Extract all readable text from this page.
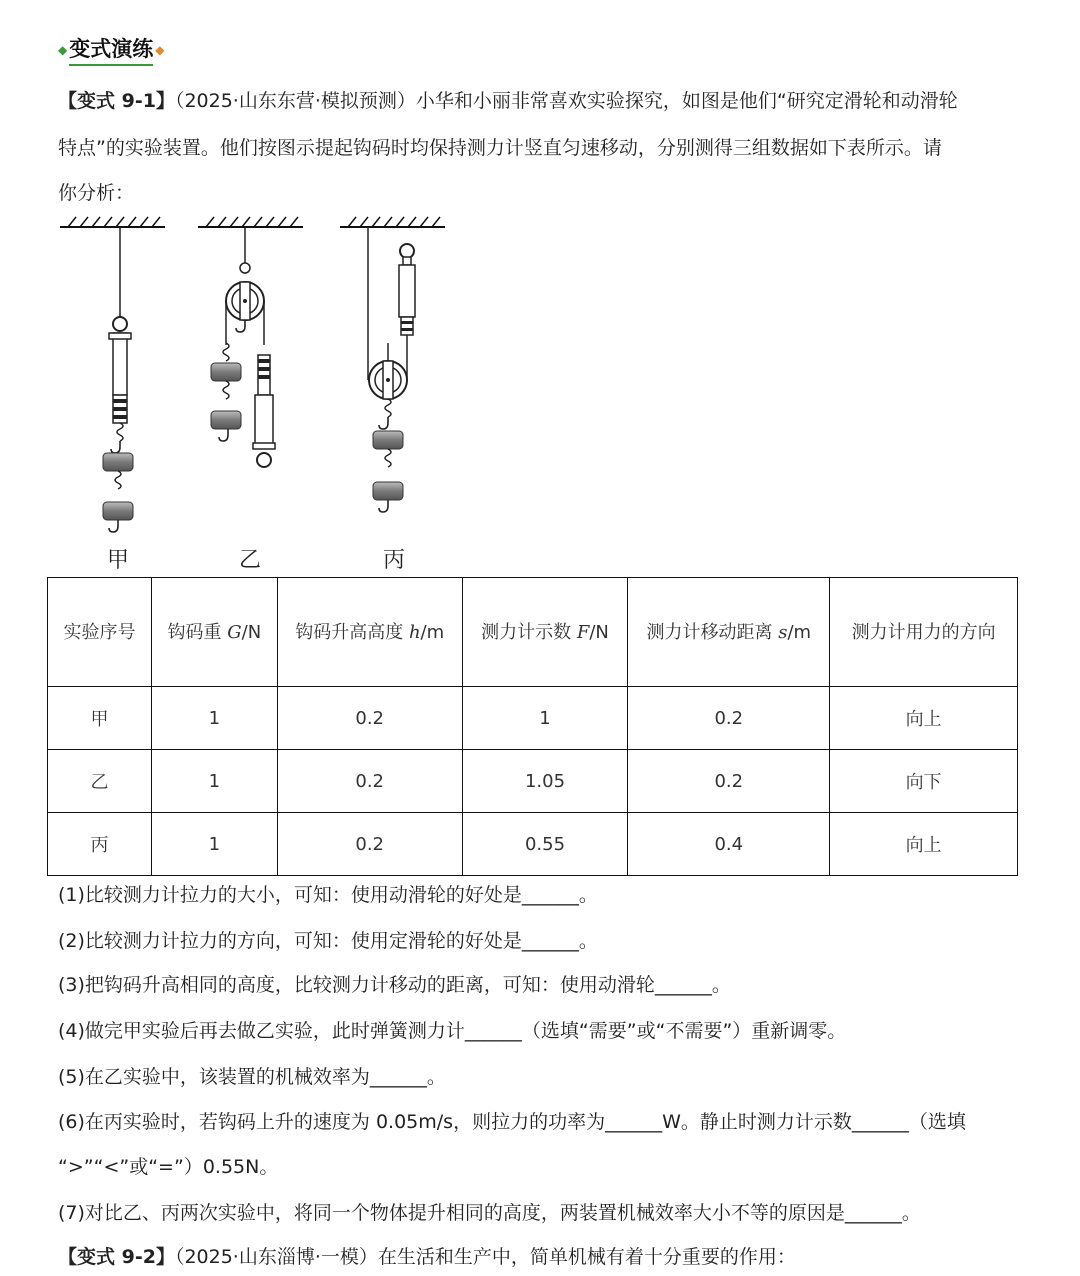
◆ 变式演练 ◆
【变式 9-1】（2025·山东东营·模拟预测）小华和小丽非常喜欢实验探究，如图是他们“研究定滑轮和动滑轮
特点”的实验装置。他们按图示提起钩码时均保持测力计竖直匀速移动，分别测得三组数据如下表所示。请
你分析：
甲	乙	丙
实验序号	钩码重 G/N	钩码升高高度 h/m	测力计示数 F/N	测力计移动距离 s/m	测力计用力的方向
甲	1	0.2	1	0.2	向上
乙	1	0.2	1.05	0.2	向下
丙	1	0.2	0.55	0.4	向上
(1)比较测力计拉力的大小，可知：使用动滑轮的好处是______。
(2)比较测力计拉力的方向，可知：使用定滑轮的好处是______。
(3)把钩码升高相同的高度，比较测力计移动的距离，可知：使用动滑轮______。
(4)做完甲实验后再去做乙实验，此时弹簧测力计______（选填“需要”或“不需要”）重新调零。
(5)在乙实验中，该装置的机械效率为______。
(6)在丙实验时，若钩码上升的速度为 0.05m/s，则拉力的功率为______W。静止时测力计示数______（选填
“>”“<”或“=”）0.55N。
(7)对比乙、丙两次实验中，将同一个物体提升相同的高度，两装置机械效率大小不等的原因是______。
【变式 9-2】（2025·山东淄博·一模）在生活和生产中，简单机械有着十分重要的作用：
